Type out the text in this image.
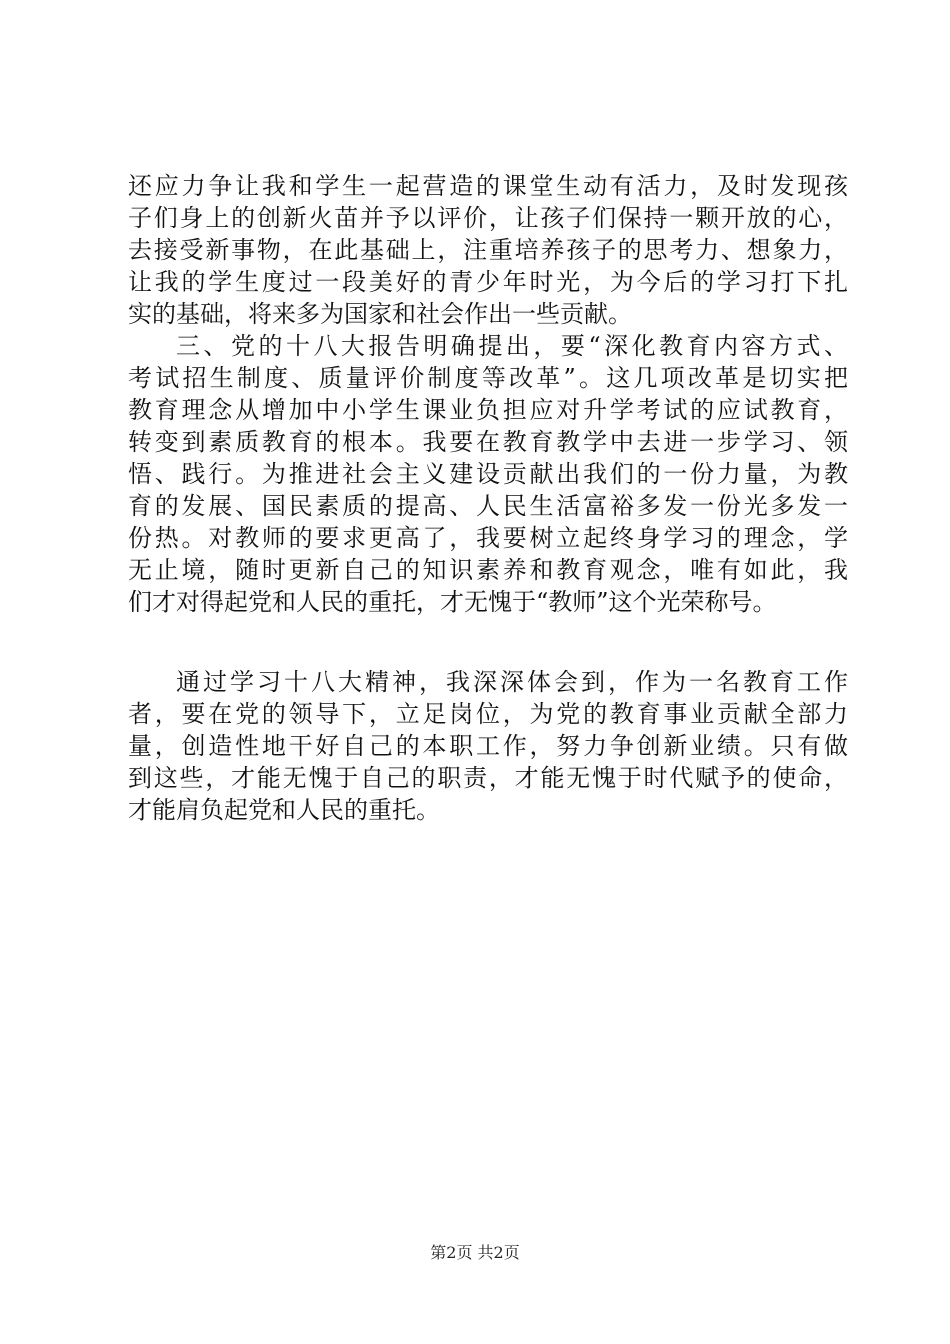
还应力争让我和学生一起营造的课堂生动有活力，及时发现孩
子们身上的创新火苗并予以评价，让孩子们保持一颗开放的心，
去接受新事物，在此基础上，注重培养孩子的思考力、想象力，
让我的学生度过一段美好的青少年时光，为今后的学习打下扎
实的基础，将来多为国家和社会作出一些贡献。
三、党的十八大报告明确提出，要“深化教育内容方式、
考试招生制度、质量评价制度等改革”。这几项改革是切实把
教育理念从增加中小学生课业负担应对升学考试的应试教育，
转变到素质教育的根本。我要在教育教学中去进一步学习、领
悟、践行。为推进社会主义建设贡献出我们的一份力量，为教
育的发展、国民素质的提高、人民生活富裕多发一份光多发一
份热。对教师的要求更高了，我要树立起终身学习的理念，学
无止境，随时更新自己的知识素养和教育观念，唯有如此，我
们才对得起党和人民的重托，才无愧于“教师”这个光荣称号。
通过学习十八大精神，我深深体会到，作为一名教育工作
者，要在党的领导下，立足岗位，为党的教育事业贡献全部力
量，创造性地干好自己的本职工作，努力争创新业绩。只有做
到这些，才能无愧于自己的职责，才能无愧于时代赋予的使命，
才能肩负起党和人民的重托。
第2页 共2页
